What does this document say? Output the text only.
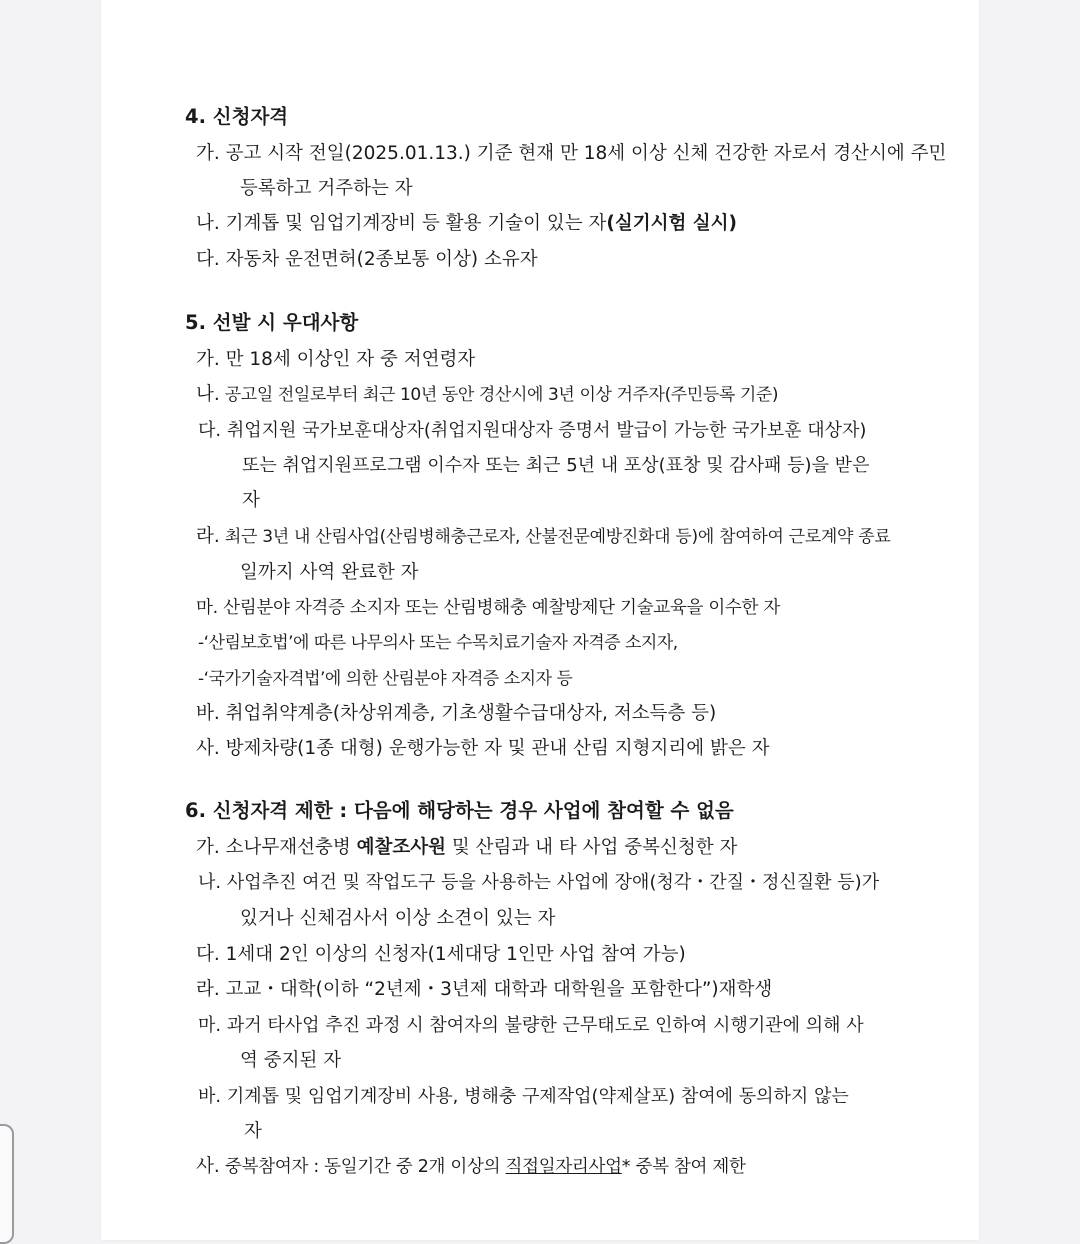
4. 신청자격
가. 공고 시작 전일(2025.01.13.) 기준 현재 만 18세 이상 신체 건강한 자로서 경산시에 주민
등록하고 거주하는 자
나. 기계톱 및 임업기계장비 등 활용 기술이 있는 자(실기시험 실시)
다. 자동차 운전면허(2종보통 이상) 소유자
5. 선발 시 우대사항
가. 만 18세 이상인 자 중 저연령자
나. 공고일 전일로부터 최근 10년 동안 경산시에 3년 이상 거주자(주민등록 기준)
다. 취업지원 국가보훈대상자(취업지원대상자 증명서 발급이 가능한 국가보훈 대상자)
또는 취업지원프로그램 이수자 또는 최근 5년 내 포상(표창 및 감사패 등)을 받은
자
라. 최근 3년 내 산림사업(산림병해충근로자, 산불전문예방진화대 등)에 참여하여 근로계약 종료
일까지 사역 완료한 자
마. 산림분야 자격증 소지자 또는 산림병해충 예찰방제단 기술교육을 이수한 자
-‘산림보호법’에 따른 나무의사 또는 수목치료기술자 자격증 소지자,
-‘국가기술자격법’에 의한 산림분야 자격증 소지자 등
바. 취업취약계층(차상위계층, 기초생활수급대상자, 저소득층 등)
사. 방제차량(1종 대형) 운행가능한 자 및 관내 산림 지형지리에 밝은 자
6. 신청자격 제한 : 다음에 해당하는 경우 사업에 참여할 수 없음
가. 소나무재선충병 예찰조사원 및 산림과 내 타 사업 중복신청한 자
나. 사업추진 여건 및 작업도구 등을 사용하는 사업에 장애(청각・간질・정신질환 등)가
있거나 신체검사서 이상 소견이 있는 자
다. 1세대 2인 이상의 신청자(1세대당 1인만 사업 참여 가능)
라. 고교・대학(이하 “2년제・3년제 대학과 대학원을 포함한다”)재학생
마. 과거 타사업 추진 과정 시 참여자의 불량한 근무태도로 인하여 시행기관에 의해 사
역 중지된 자
바. 기계톱 및 임업기계장비 사용, 병해충 구제작업(약제살포) 참여에 동의하지 않는
자
사. 중복참여자 : 동일기간 중 2개 이상의 직접일자리사업* 중복 참여 제한
